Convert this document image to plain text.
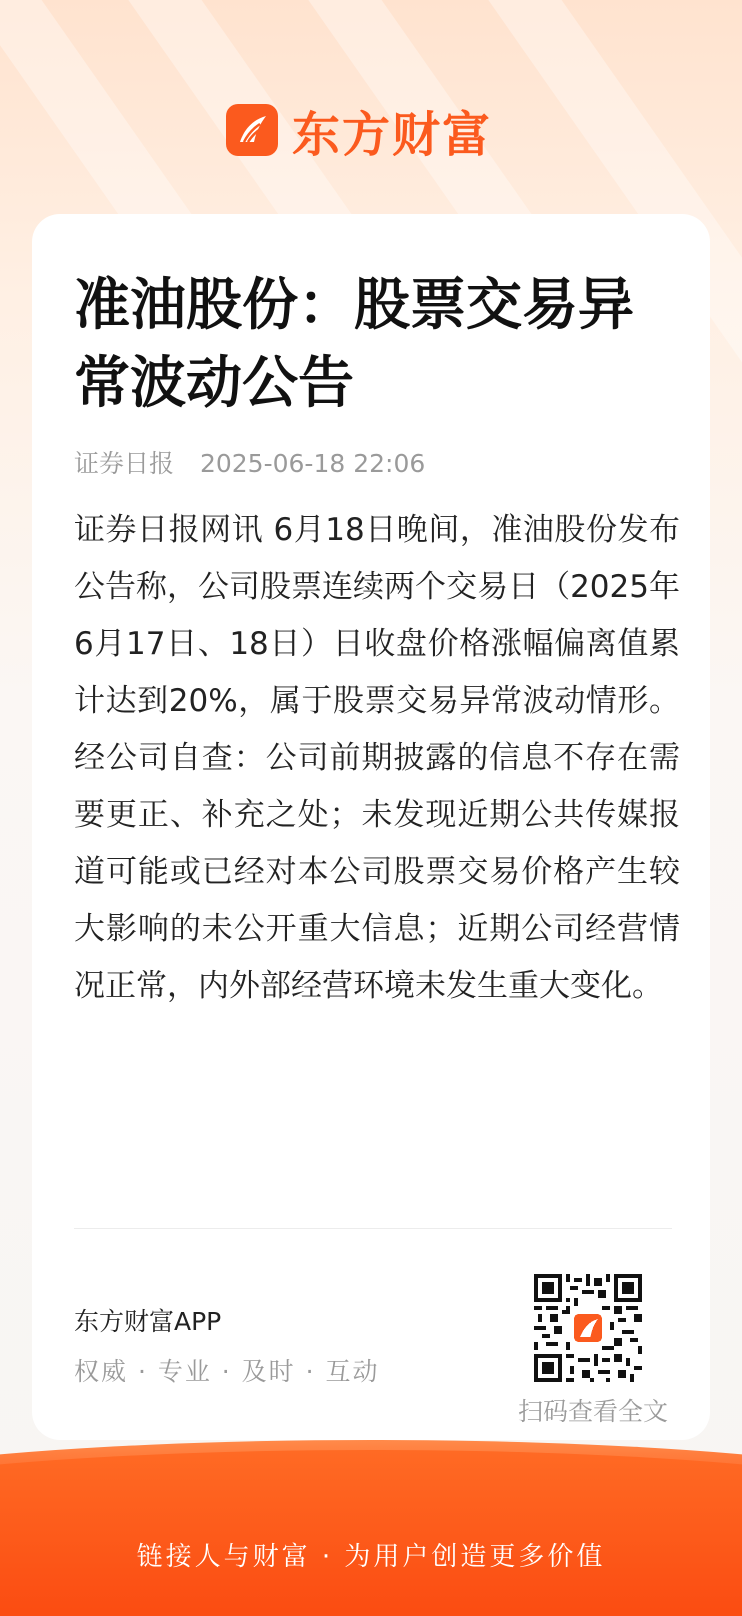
东方财富
准油股份：股票交易异常波动公告
证券日报 2025-06-18 22:06

证券日报网讯 6月18日晚间，准油股份发布公告称，公司股票连续两个交易日（2025年6月17日、18日）日收盘价格涨幅偏离值累计达到20%，属于股票交易异常波动情形。经公司自查：公司前期披露的信息不存在需要更正、补充之处；未发现近期公共传媒报道可能或已经对本公司股票交易价格产生较大影响的未公开重大信息；近期公司经营情况正常，内外部经营环境未发生重大变化。

东方财富APP
权威 · 专业 · 及时 · 互动
扫码查看全文
链接人与财富 · 为用户创造更多价值
